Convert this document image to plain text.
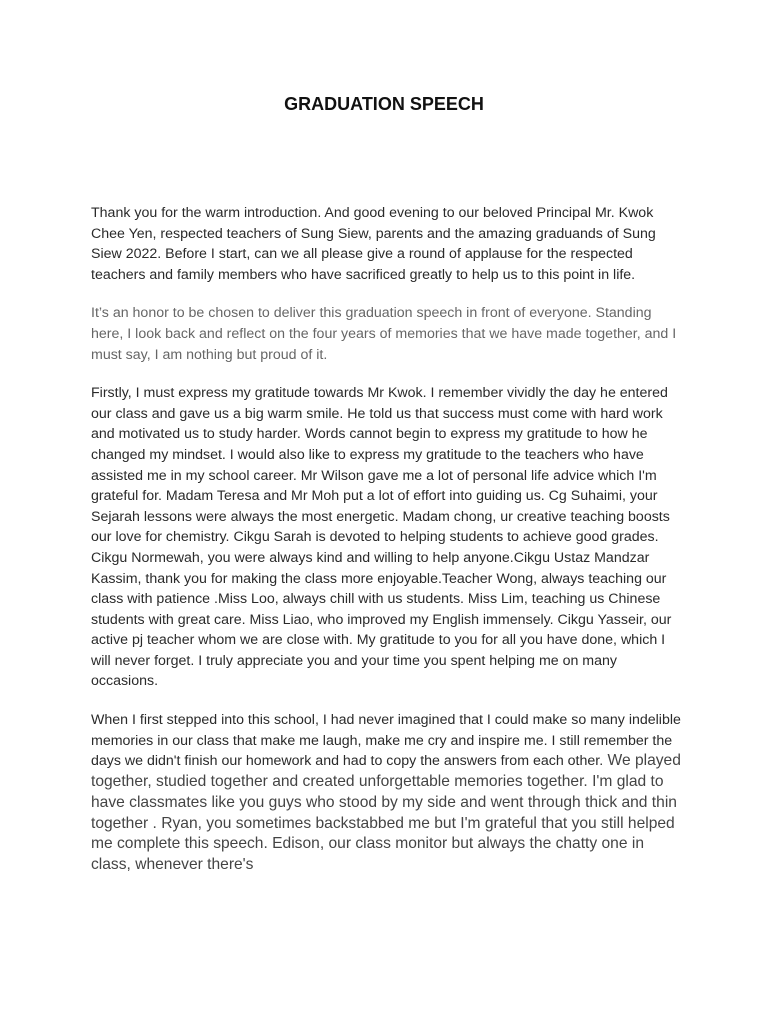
GRADUATION SPEECH

Thank you for the warm introduction. And good evening to our beloved Principal Mr. Kwok Chee Yen, respected teachers of Sung Siew, parents and the amazing graduands of Sung Siew 2022. Before I start, can we all please give a round of applause for the respected teachers and family members who have sacrificed greatly to help us to this point in life.

It’s an honor to be chosen to deliver this graduation speech in front of everyone. Standing here, I look back and reflect on the four years of memories that we have made together, and I must say, I am nothing but proud of it.

Firstly, I must express my gratitude towards Mr Kwok. I remember vividly the day he entered our class and gave us a big warm smile. He told us that success must come with hard work and motivated us to study harder. Words cannot begin to express my gratitude to how he changed my mindset. I would also like to express my gratitude to the teachers who have assisted me in my school career. Mr Wilson gave me a lot of personal life advice which I'm grateful for. Madam Teresa and Mr Moh put a lot of effort into guiding us. Cg Suhaimi, your Sejarah lessons were always the most energetic. Madam chong, ur creative teaching boosts our love for chemistry. Cikgu Sarah is devoted to helping students to achieve good grades. Cikgu Normewah, you were always kind and willing to help anyone.Cikgu Ustaz Mandzar Kassim, thank you for making the class more enjoyable.Teacher Wong, always teaching our class with patience .Miss Loo, always chill with us students. Miss Lim, teaching us Chinese students with great care. Miss Liao, who improved my English immensely. Cikgu Yasseir, our active pj teacher whom we are close with. My gratitude to you for all you have done, which I will never forget. I truly appreciate you and your time you spent helping me on many occasions.

When I first stepped into this school, I had never imagined that I could make so many indelible memories in our class that make me laugh, make me cry and inspire me. I still remember the days we didn't finish our homework and had to copy the answers from each other. We played together, studied together and created unforgettable memories together. I'm glad to have classmates like you guys who stood by my side and went through thick and thin together . Ryan, you sometimes backstabbed me but I'm grateful that you still helped me complete this speech. Edison, our class monitor but always the chatty one in class, whenever there's
